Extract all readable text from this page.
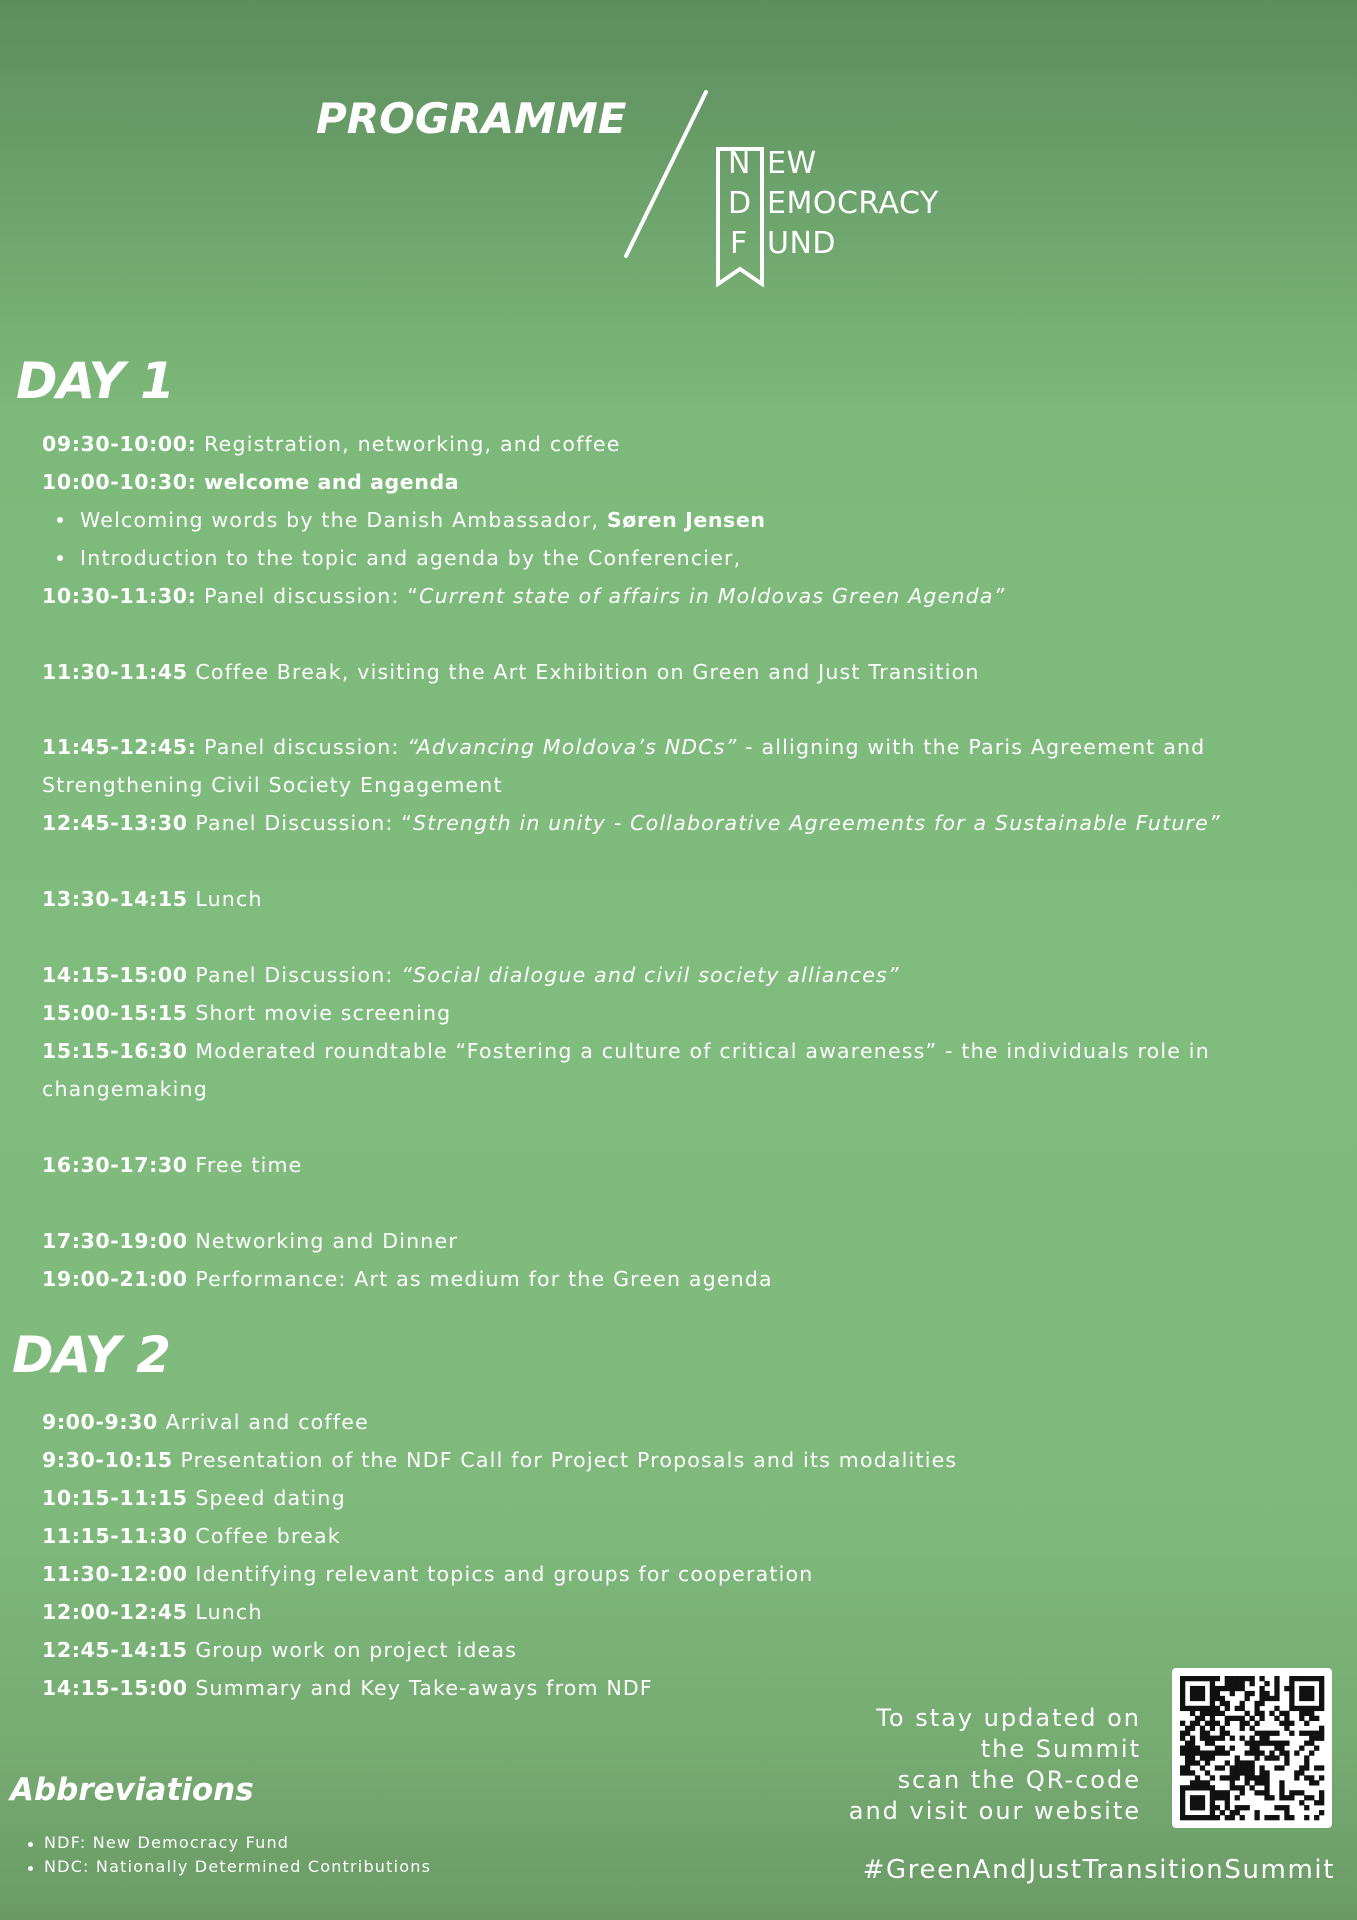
PROGRAMME
N
D
F
EW
EMOCRACY
UND
DAY 1
09:30-10:00: Registration, networking, and coffee
10:00-10:30: welcome and agenda
Welcoming words by the Danish Ambassador, Søren Jensen
Introduction to the topic and agenda by the Conferencier,
10:30-11:30: Panel discussion: “Current state of affairs in Moldovas Green Agenda”
11:30-11:45 Coffee Break, visiting the Art Exhibition on Green and Just Transition
11:45-12:45: Panel discussion: “Advancing Moldova’s NDCs” - alligning with the Paris Agreement and
Strengthening Civil Society Engagement
12:45-13:30 Panel Discussion: “Strength in unity - Collaborative Agreements for a Sustainable Future”
13:30-14:15 Lunch
14:15-15:00 Panel Discussion: “Social dialogue and civil society alliances”
15:00-15:15 Short movie screening
15:15-16:30 Moderated roundtable “Fostering a culture of critical awareness” - the individuals role in
changemaking
16:30-17:30 Free time
17:30-19:00 Networking and Dinner
19:00-21:00 Performance: Art as medium for the Green agenda
DAY 2
9:00-9:30 Arrival and coffee
9:30-10:15 Presentation of the NDF Call for Project Proposals and its modalities
10:15-11:15 Speed dating
11:15-11:30 Coffee break
11:30-12:00 Identifying relevant topics and groups for cooperation
12:00-12:45 Lunch
12:45-14:15 Group work on project ideas
14:15-15:00 Summary and Key Take-aways from NDF
Abbreviations
NDF: New Democracy Fund
NDC: Nationally Determined Contributions
To stay updated on
the Summit
scan the QR-code
and visit our website
#GreenAndJustTransitionSummit
